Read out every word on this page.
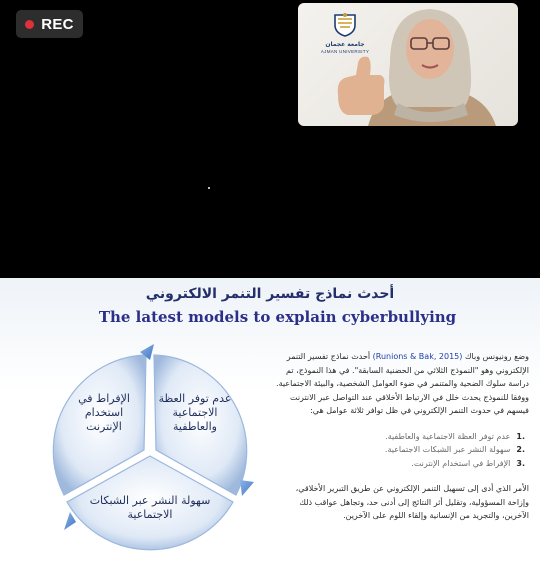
REC
جامعة عجمان
AJMAN UNIVERSITY
أحدث نماذج تفسير التنمر الالكتروني
The latest models to explain cyberbullying
عدم توفر العظة الاجتماعية والعاطفية
سهولة النشر عبر الشبكات الاجتماعية
الإفراط في استخدام الإنترنت

وضع رونيونس وباك (Runions & Bak, 2015) أحدث نماذج تفسير التنمر الإلكتروني وهو "النموذج الثلاثي من الحضنية السابقة". في هذا النموذج، تم دراسة سلوك الضحية والمتنمر في ضوء العوامل الشخصية، والبيئة الاجتماعية. ووفقا للنموذج يحدث خلل في الارتباط الأخلاقي عند التواصل عبر الانترنت فيسهم في حدوث التنمر الإلكتروني في ظل توافر ثلاثة عوامل هي:

1.
عدم توفر العظة الاجتماعية والعاطفية.
2.
سهولة النشر عبر الشبكات الاجتماعية.
3.
الإفراط في استخدام الإنترنت.

الأمر الذي أدى إلى تسهيل التنمر الإلكتروني عن طريق التبرير الأخلاقي، وإزاحة المسؤولية، وتقليل أثر النتائج إلى أدنى حد، وتجاهل عواقب ذلك الآخرين، والتجريد من الإنسانية وإلقاء اللوم على الآخرين.
